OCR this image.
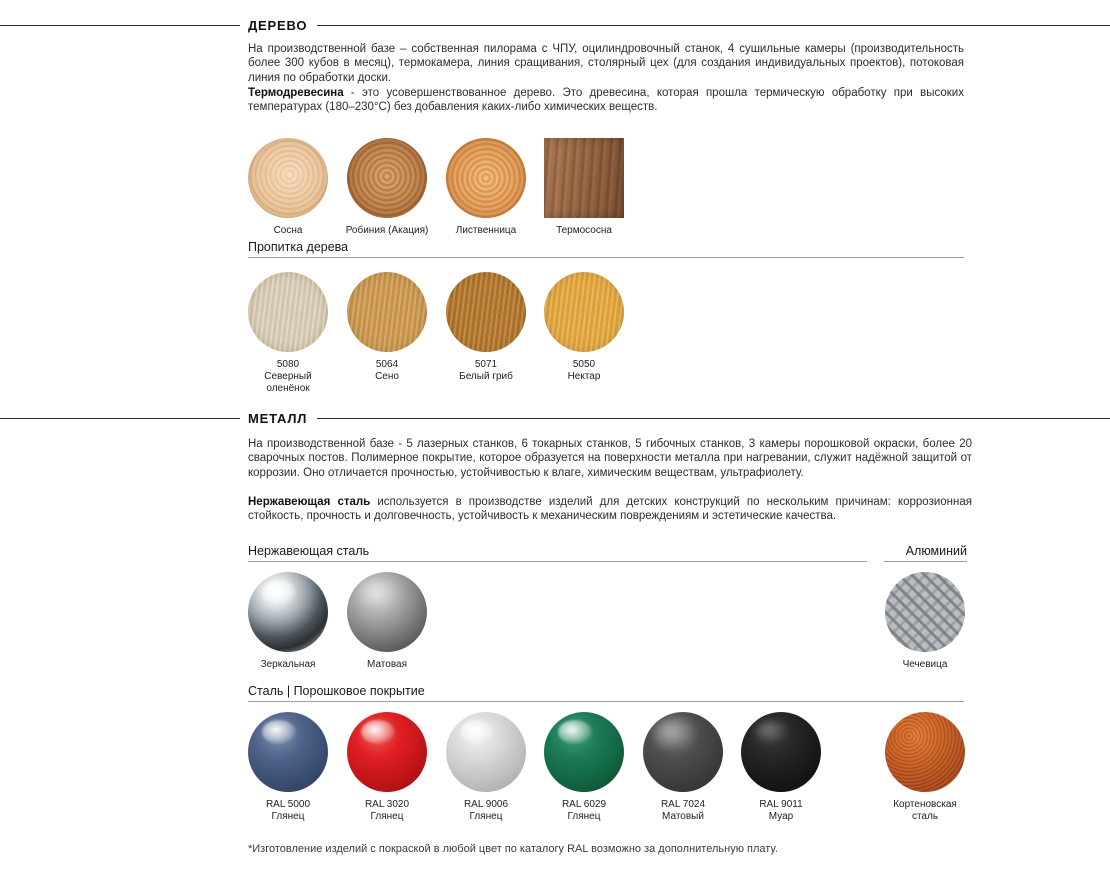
ДЕРЕВО
На производственной базе – собственная пилорама с ЧПУ, оцилиндровочный станок, 4 сушильные камеры (производительность более 300 кубов в месяц), термокамера, линия сращивания, столярный цех (для создания индивидуальных проектов), потоковая линия по обработки доски.
Термодревесина - это усовершенствованное дерево. Это древесина, которая прошла термическую обработку при высоких температурах (180–230°C) без добавления каких-либо химических веществ.
Сосна	Робиния (Акация)	Лиственница	Термососна
Пропитка дерева
5080
Северный
оленёнок
5064
Сено
5071
Белый гриб
5050
Нектар
МЕТАЛЛ
На производственной базе - 5 лазерных станков, 6 токарных станков, 5 гибочных станков, 3 камеры порошковой окраски, более 20 сварочных постов. Полимерное покрытие, которое образуется на поверхности металла при нагревании, служит надёжной защитой от коррозии. Оно отличается прочностью, устойчивостью к влаге, химическим веществам, ультрафиолету.
Нержавеющая сталь используется в производстве изделий для детских конструкций по нескольким причинам: коррозионная стойкость, прочность и долговечность, устойчивость к механическим повреждениям и эстетические качества.
Нержавеющая сталь	Алюминий
Зеркальная	Матовая	Чечевица
Сталь | Порошковое покрытие
RAL 5000
Глянец
RAL 3020
Глянец
RAL 9006
Глянец
RAL 6029
Глянец
RAL 7024
Матовый
RAL 9011
Муар
Кортеновская
сталь
*Изготовление изделий с покраской в любой цвет по каталогу RAL возможно за дополнительную плату.
